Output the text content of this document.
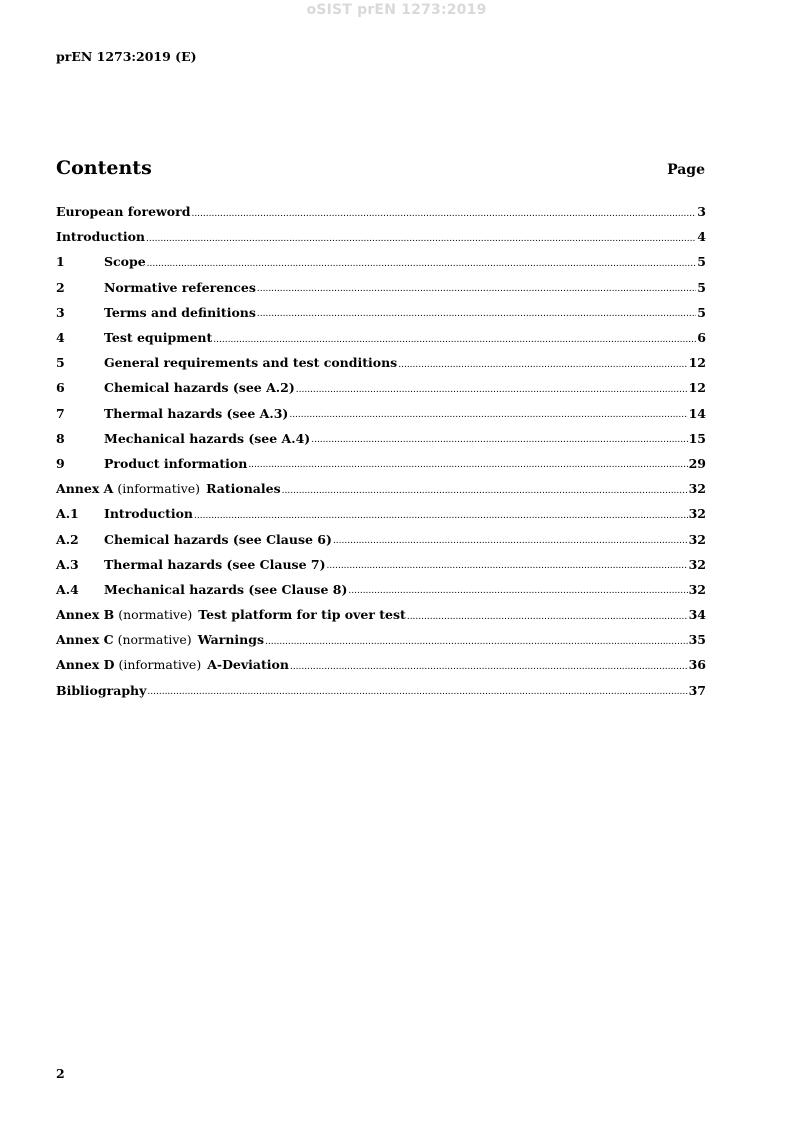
oSIST prEN 1273:2019
prEN 1273:2019 (E)
Contents	Page
European foreword .....	3
Introduction .....	4
1	Scope .....	5
2	Normative references .....	5
3	Terms and definitions .....	5
4	Test equipment .....	6
5	General requirements and test conditions .....	12
6	Chemical hazards (see A.2) .....	12
7	Thermal hazards (see A.3) .....	14
8	Mechanical hazards (see A.4) .....	15
9	Product information .....	29
Annex A (informative) Rationales .....	32
A.1	Introduction .....	32
A.2	Chemical hazards (see Clause 6) .....	32
A.3	Thermal hazards (see Clause 7) .....	32
A.4	Mechanical hazards (see Clause 8) .....	32
Annex B (normative) Test platform for tip over test .....	34
Annex C (normative) Warnings .....	35
Annex D (informative) A-Deviation .....	36
Bibliography .....	37
2
